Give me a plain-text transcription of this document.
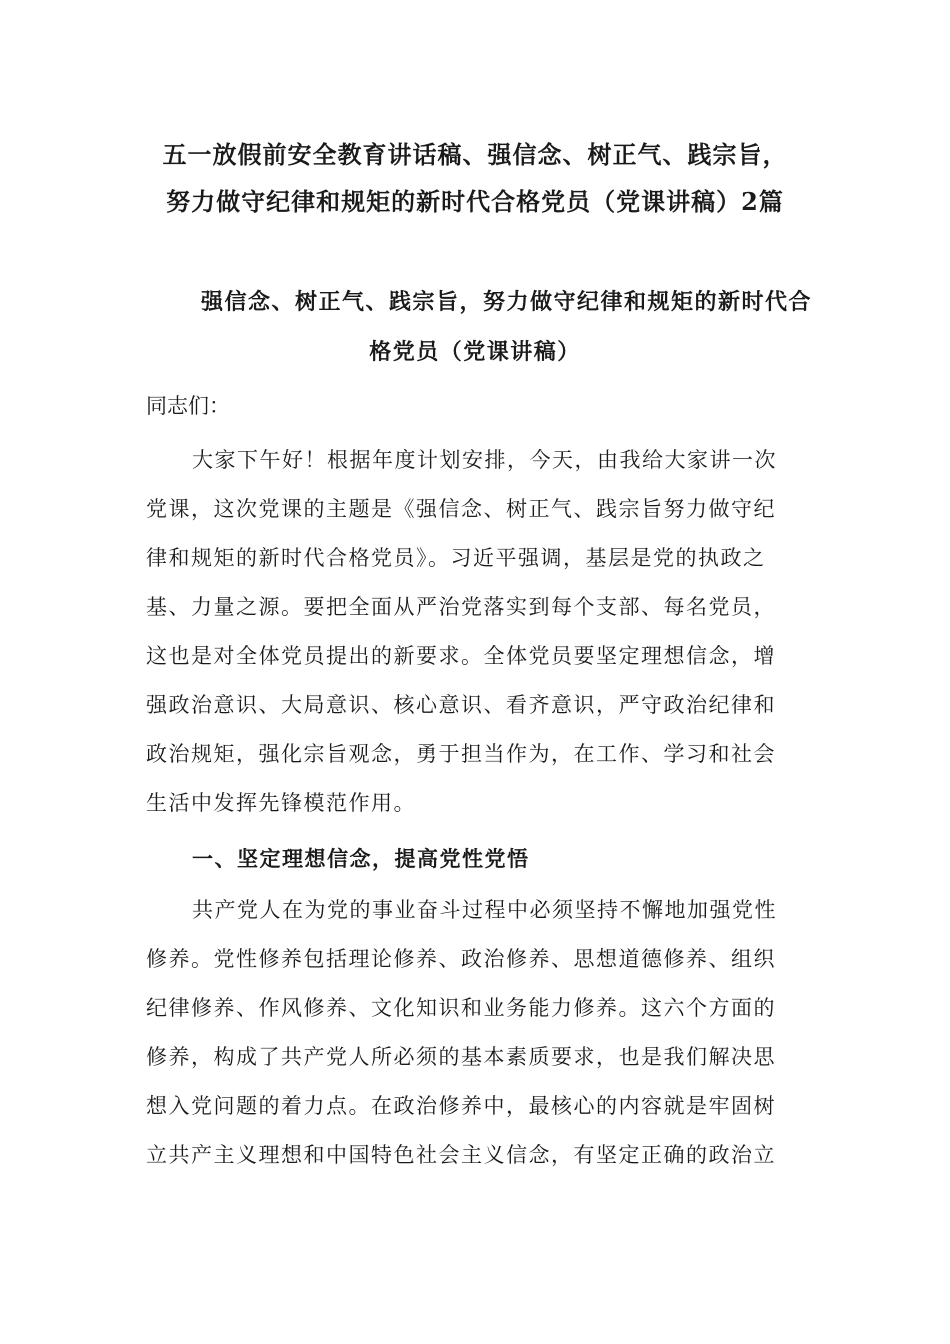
五一放假前安全教育讲话稿、强信念、树正气、践宗旨，
努力做守纪律和规矩的新时代合格党员（党课讲稿）2篇
强信念、树正气、践宗旨，努力做守纪律和规矩的新时代合
格党员（党课讲稿）
同志们：
大家下午好！根据年度计划安排，今天，由我给大家讲一次
党课，这次党课的主题是《强信念、树正气、践宗旨努力做守纪
律和规矩的新时代合格党员》。习近平强调，基层是党的执政之
基、力量之源。要把全面从严治党落实到每个支部、每名党员，
这也是对全体党员提出的新要求。全体党员要坚定理想信念，增
强政治意识、大局意识、核心意识、看齐意识，严守政治纪律和
政治规矩，强化宗旨观念，勇于担当作为，在工作、学习和社会
生活中发挥先锋模范作用。
一、坚定理想信念，提高党性党悟
共产党人在为党的事业奋斗过程中必须坚持不懈地加强党性
修养。党性修养包括理论修养、政治修养、思想道德修养、组织
纪律修养、作风修养、文化知识和业务能力修养。这六个方面的
修养，构成了共产党人所必须的基本素质要求，也是我们解决思
想入党问题的着力点。在政治修养中，最核心的内容就是牢固树
立共产主义理想和中国特色社会主义信念，有坚定正确的政治立
